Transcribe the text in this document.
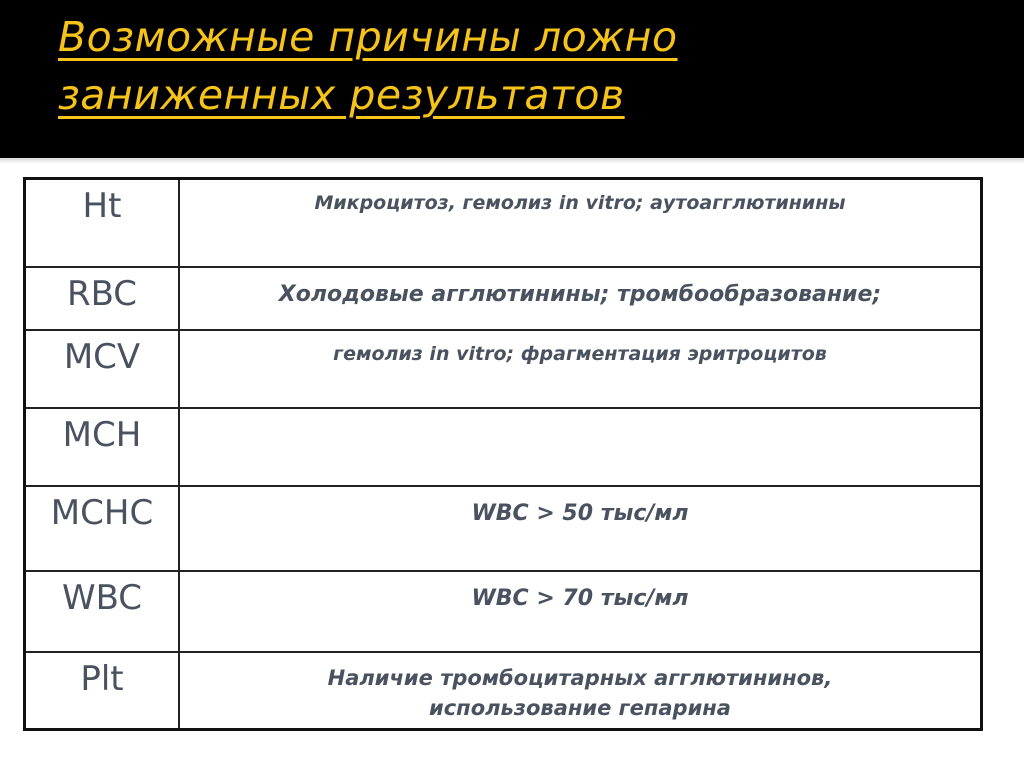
Возможные причины ложно
заниженных результатов
Ht	Микроцитоз, гемолиз in vitro; аутоагглютинины
RBC	Холодовые агглютинины; тромбообразование;
MCV	гемолиз in vitro; фрагментация эритроцитов
MCH	
MCHC	WBC > 50 тыс/мл
WBC	WBC > 70 тыс/мл
Plt	Наличие тромбоцитарных агглютининов,
использование гепарина
